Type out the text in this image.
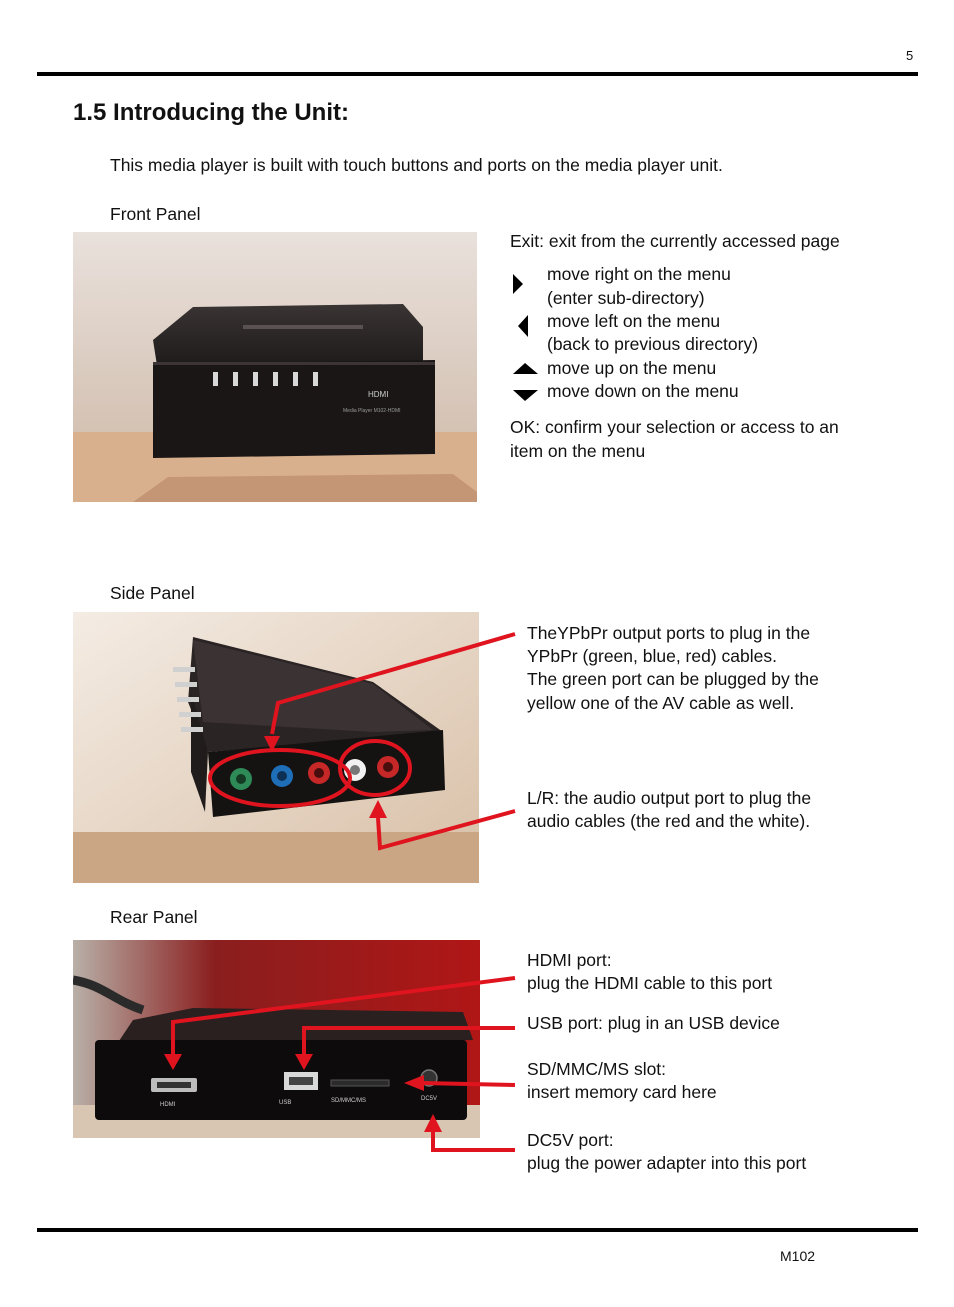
5
1.5 Introducing the Unit:
This media player is built with touch buttons and ports on the media player unit.
Front Panel
HDMI
Media Player M102-HDMI
Exit: exit from the currently accessed page
move right on the menu
(enter sub-directory)
move left on the menu
(back to previous directory)
move up on the menu
move down on the menu
OK: confirm your selection or access to an
item on the menu
Side Panel
TheYPbPr output ports to plug in the
YPbPr (green, blue, red) cables.
The green port can be plugged by the
yellow one of the AV cable as well.
L/R: the audio output port to plug the
audio cables (the red and the white).
Rear Panel
HDMI	USB	SD/MMC/MS	DC5V
HDMI port:
plug the HDMI cable to this port
USB port: plug in an USB device
SD/MMC/MS slot:
insert memory card here
DC5V port:
plug the power adapter into this port
M102
